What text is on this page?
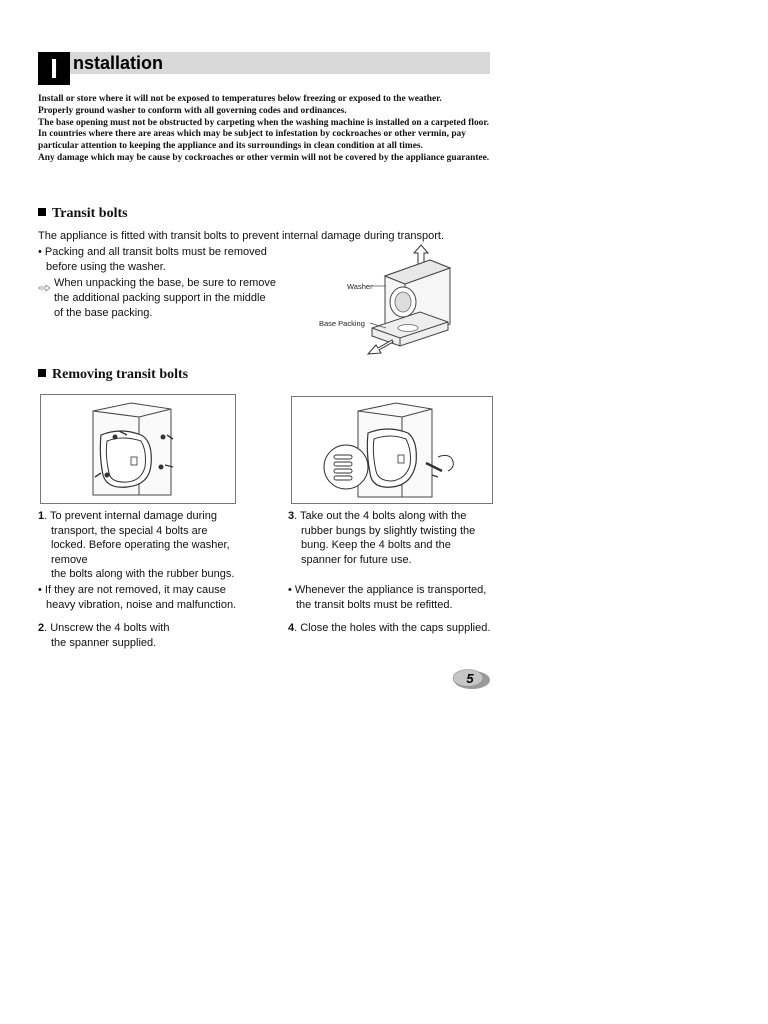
I nstallation

Install or store where it will not be exposed to temperatures below freezing or exposed to the weather.

Properly ground washer to conform with all governing codes and ordinances.

The base opening must not be obstructed by carpeting when the washing machine is installed on a carpeted floor.

In countries where there are areas which may be subject to infestation by cockroaches or other vermin, pay particular attention to keeping the appliance and its surroundings in clean condition at all times.

Any damage which may be cause by cockroaches or other vermin will not be covered by the appliance guarantee.

Transit bolts
The appliance is fitted with transit bolts to prevent internal damage during transport.
• Packing and all transit bolts must be removed
before using the washer.
When unpacking the base, be sure to remove
the additional packing support in the middle
of the base packing.
Washer
Base Packing
Removing transit bolts
1. To prevent internal damage during
transport, the special 4 bolts are
locked. Before operating the washer,
remove
the bolts along with the rubber bungs.
• If they are not removed, it may cause
heavy vibration, noise and malfunction.
2. Unscrew the 4 bolts with
the spanner supplied.
3. Take out the 4 bolts along with the
rubber bungs by slightly twisting the
bung. Keep the 4 bolts and the
spanner for future use.
• Whenever the appliance is transported,
the transit bolts must be refitted.
4. Close the holes with the caps supplied.
5
